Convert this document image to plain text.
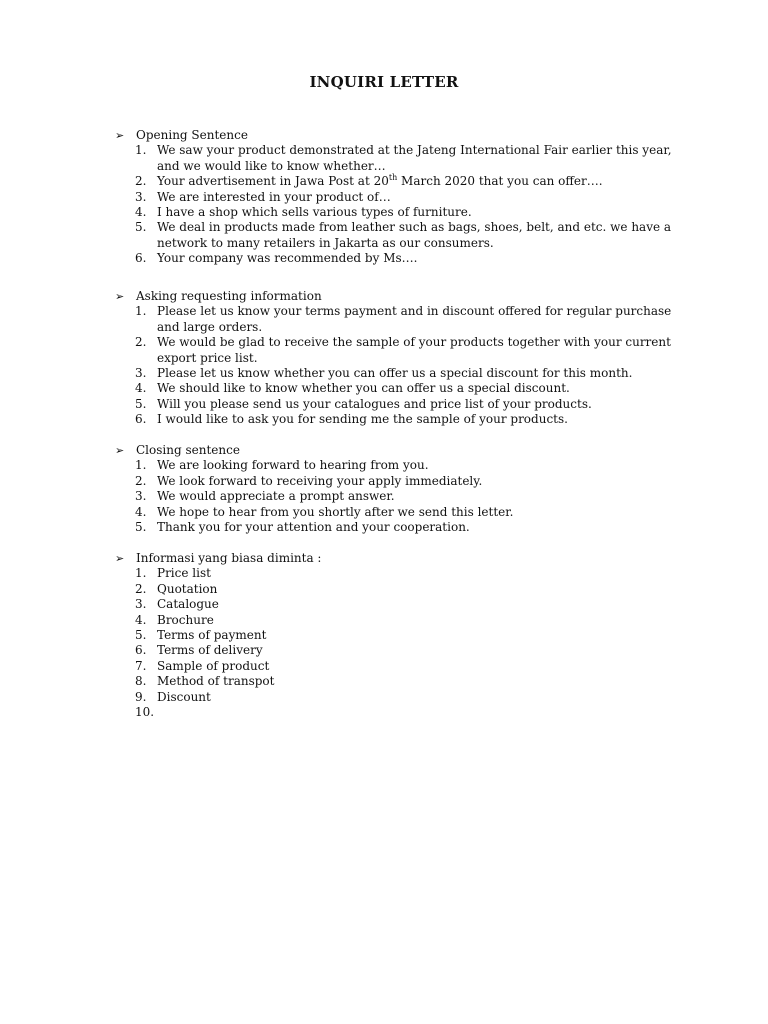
INQUIRI LETTER
➢ Opening Sentence
1. We saw your product demonstrated at the Jateng International Fair earlier this year, and we would like to know whether…
2. Your advertisement in Jawa Post at 20th March 2020 that you can offer….
3. We are interested in your product of…
4. I have a shop which sells various types of furniture.
5. We deal in products made from leather such as bags, shoes, belt, and etc. we have a network to many retailers in Jakarta as our consumers.
6. Your company was recommended by Ms….
➢ Asking requesting information
1. Please let us know your terms payment and in discount offered for regular purchase and large orders.
2. We would be glad to receive the sample of your products together with your current export price list.
3. Please let us know whether you can offer us a special discount for this month.
4. We should like to know whether you can offer us a special discount.
5. Will you please send us your catalogues and price list of your products.
6. I would like to ask you for sending me the sample of your products.
➢ Closing sentence
1. We are looking forward to hearing from you.
2. We look forward to receiving your apply immediately.
3. We would appreciate a prompt answer.
4. We hope to hear from you shortly after we send this letter.
5. Thank you for your attention and your cooperation.
➢ Informasi yang biasa diminta :
1. Price list
2. Quotation
3. Catalogue
4. Brochure
5. Terms of payment
6. Terms of delivery
7. Sample of product
8. Method of transpot
9. Discount
10.
